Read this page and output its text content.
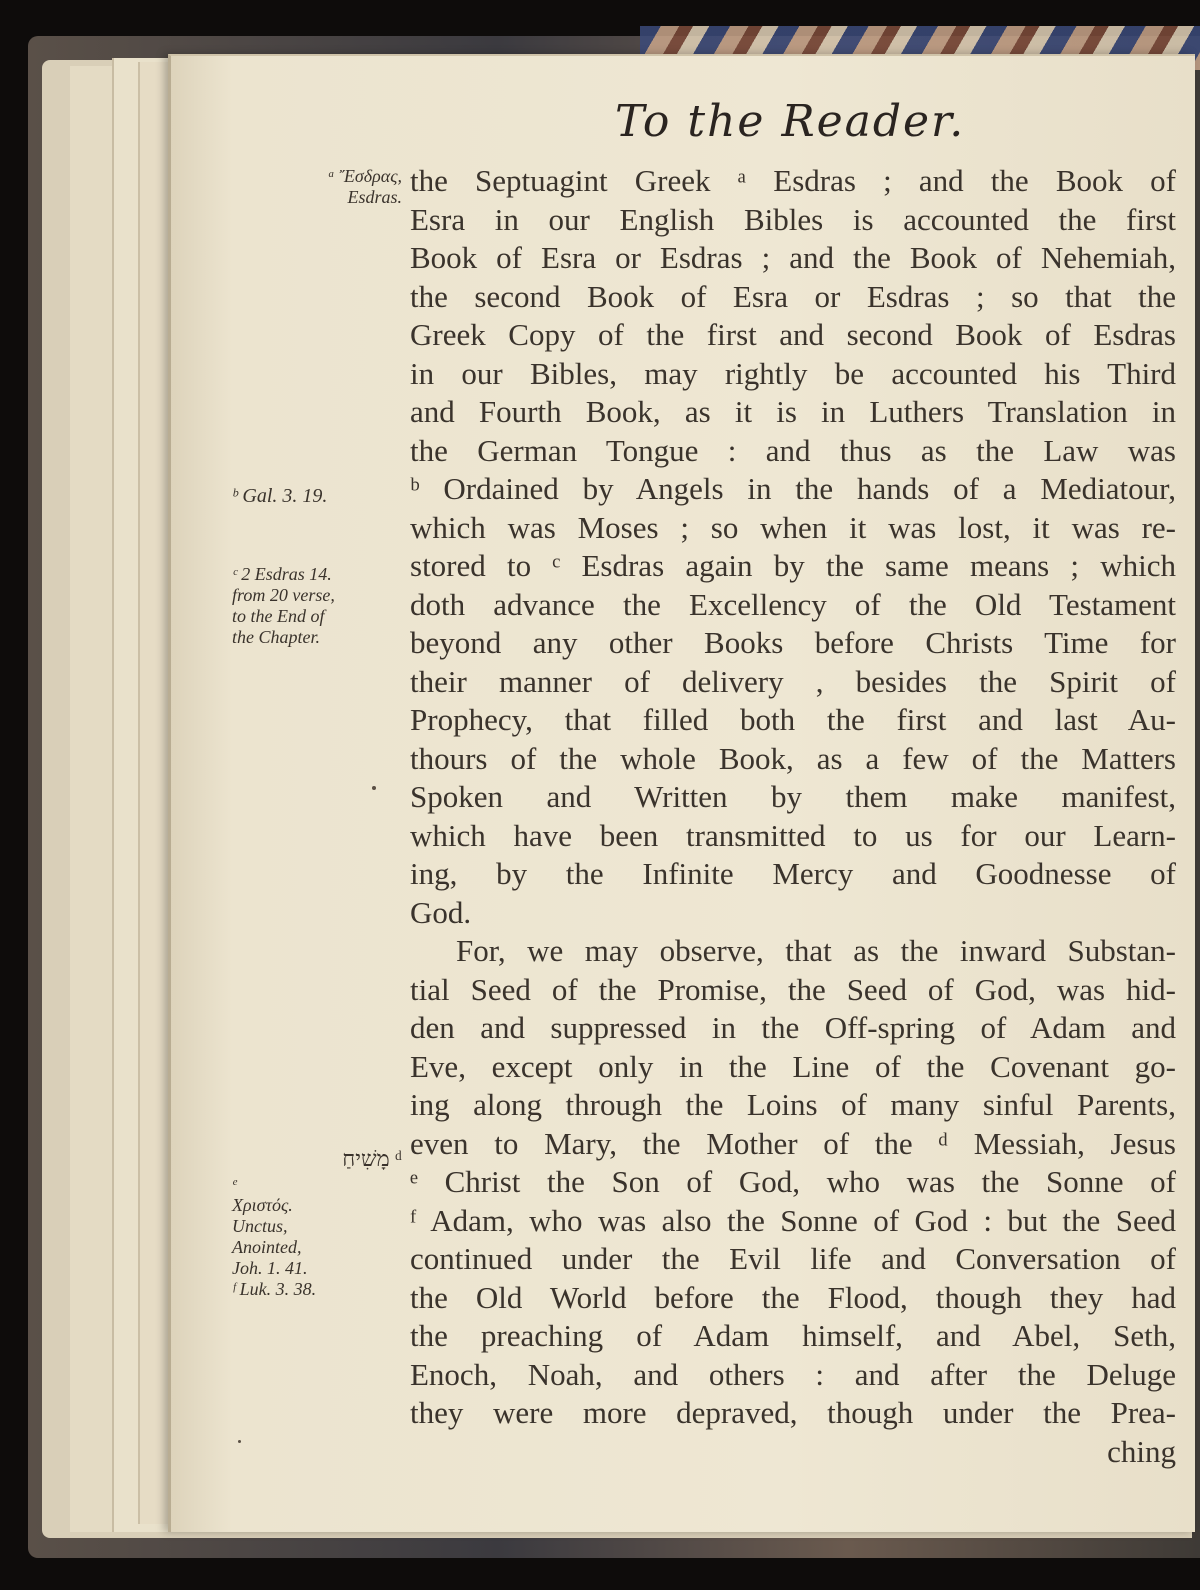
To the Reader.
ᵃ Ἔσδρας,
Esdras.
ᵇ Gal. 3. 19.
ᶜ 2 Esdras 14.
from 20 verse,
to the End of
the Chapter.
מָשִׁיחַ ᵈ
ᵉ
Χριστός.
Unctus,
Anointed,
Joh. 1. 41.
ᶠ Luk. 3. 38.
the Septuagint Greek ᵃ Esdras ; and the Book of
Esra in our English Bibles is accounted the first
Book of Esra or Esdras ; and the Book of Nehemiah,
the second Book of Esra or Esdras ; so that the
Greek Copy of the first and second Book of Esdras
in our Bibles, may rightly be accounted his Third
and Fourth Book, as it is in Luthers Translation in
the German Tongue : and thus as the Law was
ᵇ Ordained by Angels in the hands of a Mediatour,
which was Moses ; so when it was lost, it was re-
stored to ᶜ Esdras again by the same means ; which
doth advance the Excellency of the Old Testament
beyond any other Books before Christs Time for
their manner of delivery , besides the Spirit of
Prophecy, that filled both the first and last Au-
thours of the whole Book, as a few of the Matters
Spoken and Written by them make manifest,
which have been transmitted to us for our Learn-
ing, by the Infinite Mercy and Goodnesse of
God.
For, we may observe, that as the inward Substan-
tial Seed of the Promise, the Seed of God, was hid-
den and suppressed in the Off-spring of Adam and
Eve, except only in the Line of the Covenant go-
ing along through the Loins of many sinful Parents,
even to Mary, the Mother of the ᵈ Messiah, Jesus
ᵉ Christ the Son of God, who was the Sonne of
ᶠ Adam, who was also the Sonne of God : but the Seed
continued under the Evil life and Conversation of
the Old World before the Flood, though they had
the preaching of Adam himself, and Abel, Seth,
Enoch, Noah, and others : and after the Deluge
they were more depraved, though under the Prea-
ching
